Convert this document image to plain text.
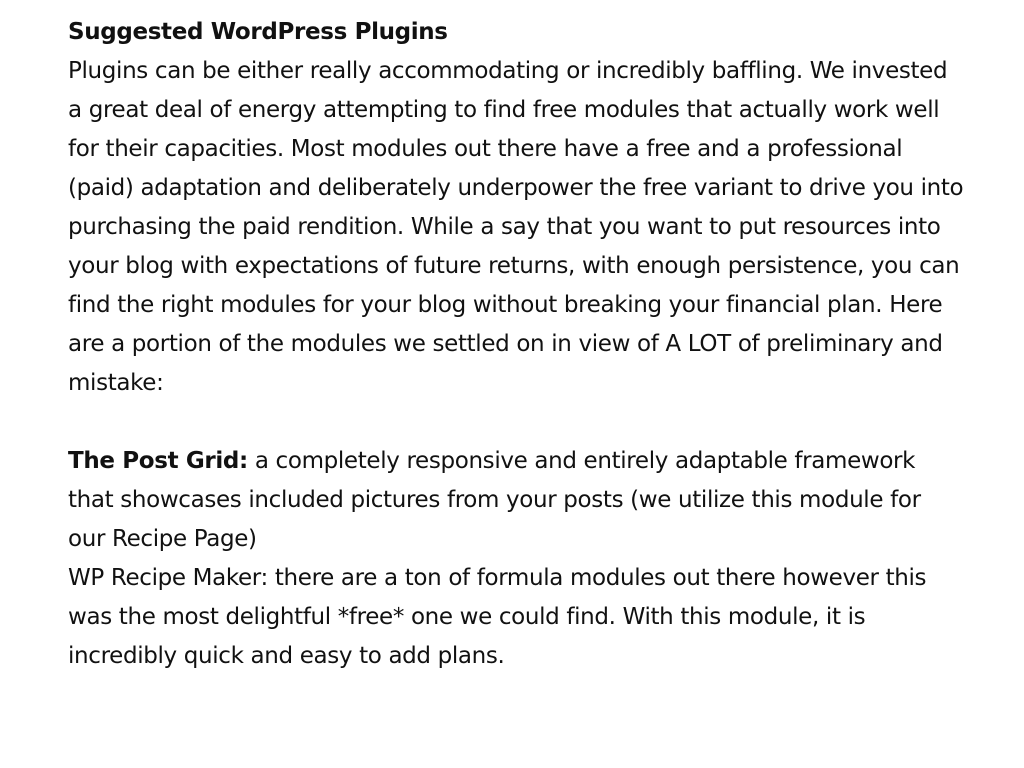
Suggested WordPress Plugins

Plugins can be either really accommodating or incredibly baffling. We invested a great deal of energy attempting to find free modules that actually work well for their capacities. Most modules out there have a free and a professional (paid) adaptation and deliberately underpower the free variant to drive you into purchasing the paid rendition. While a say that you want to put resources into your blog with expectations of future returns, with enough persistence, you can find the right modules for your blog without breaking your financial plan. Here are a portion of the modules we settled on in view of A LOT of preliminary and mistake:

The Post Grid: a completely responsive and entirely adaptable framework that showcases included pictures from your posts (we utilize this module for our Recipe Page)

WP Recipe Maker: there are a ton of formula modules out there however this was the most delightful *free* one we could find. With this module, it is incredibly quick and easy to add plans.
